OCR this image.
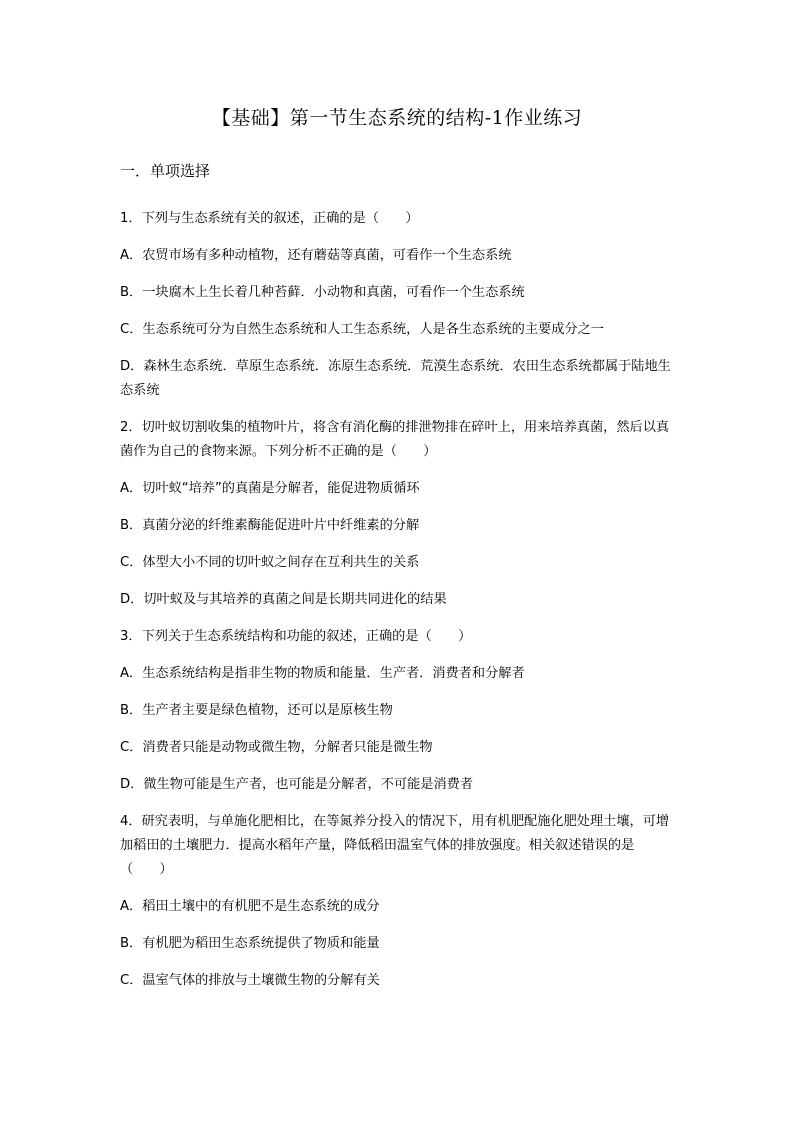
【基础】第一节生态系统的结构-1作业练习
一．单项选择
1．下列与生态系统有关的叙述，正确的是（　　）
A．农贸市场有多种动植物，还有蘑菇等真菌，可看作一个生态系统
B．一块腐木上生长着几种苔藓．小动物和真菌，可看作一个生态系统
C．生态系统可分为自然生态系统和人工生态系统，人是各生态系统的主要成分之一
D．森林生态系统．草原生态系统．冻原生态系统．荒漠生态系统．农田生态系统都属于陆地生态系统
2．切叶蚁切割收集的植物叶片，将含有消化酶的排泄物排在碎叶上，用来培养真菌，然后以真菌作为自己的食物来源。下列分析不正确的是（　　）
A．切叶蚁“培养”的真菌是分解者，能促进物质循环
B．真菌分泌的纤维素酶能促进叶片中纤维素的分解
C．体型大小不同的切叶蚁之间存在互利共生的关系
D．切叶蚁及与其培养的真菌之间是长期共同进化的结果
3．下列关于生态系统结构和功能的叙述，正确的是（　　）
A．生态系统结构是指非生物的物质和能量．生产者．消费者和分解者
B．生产者主要是绿色植物，还可以是原核生物
C．消费者只能是动物或微生物，分解者只能是微生物
D．微生物可能是生产者，也可能是分解者，不可能是消费者
4．研究表明，与单施化肥相比，在等氮养分投入的情况下，用有机肥配施化肥处理土壤，可增加稻田的土壤肥力．提高水稻年产量，降低稻田温室气体的排放强度。相关叙述错误的是（　　）
A．稻田土壤中的有机肥不是生态系统的成分
B．有机肥为稻田生态系统提供了物质和能量
C．温室气体的排放与土壤微生物的分解有关
